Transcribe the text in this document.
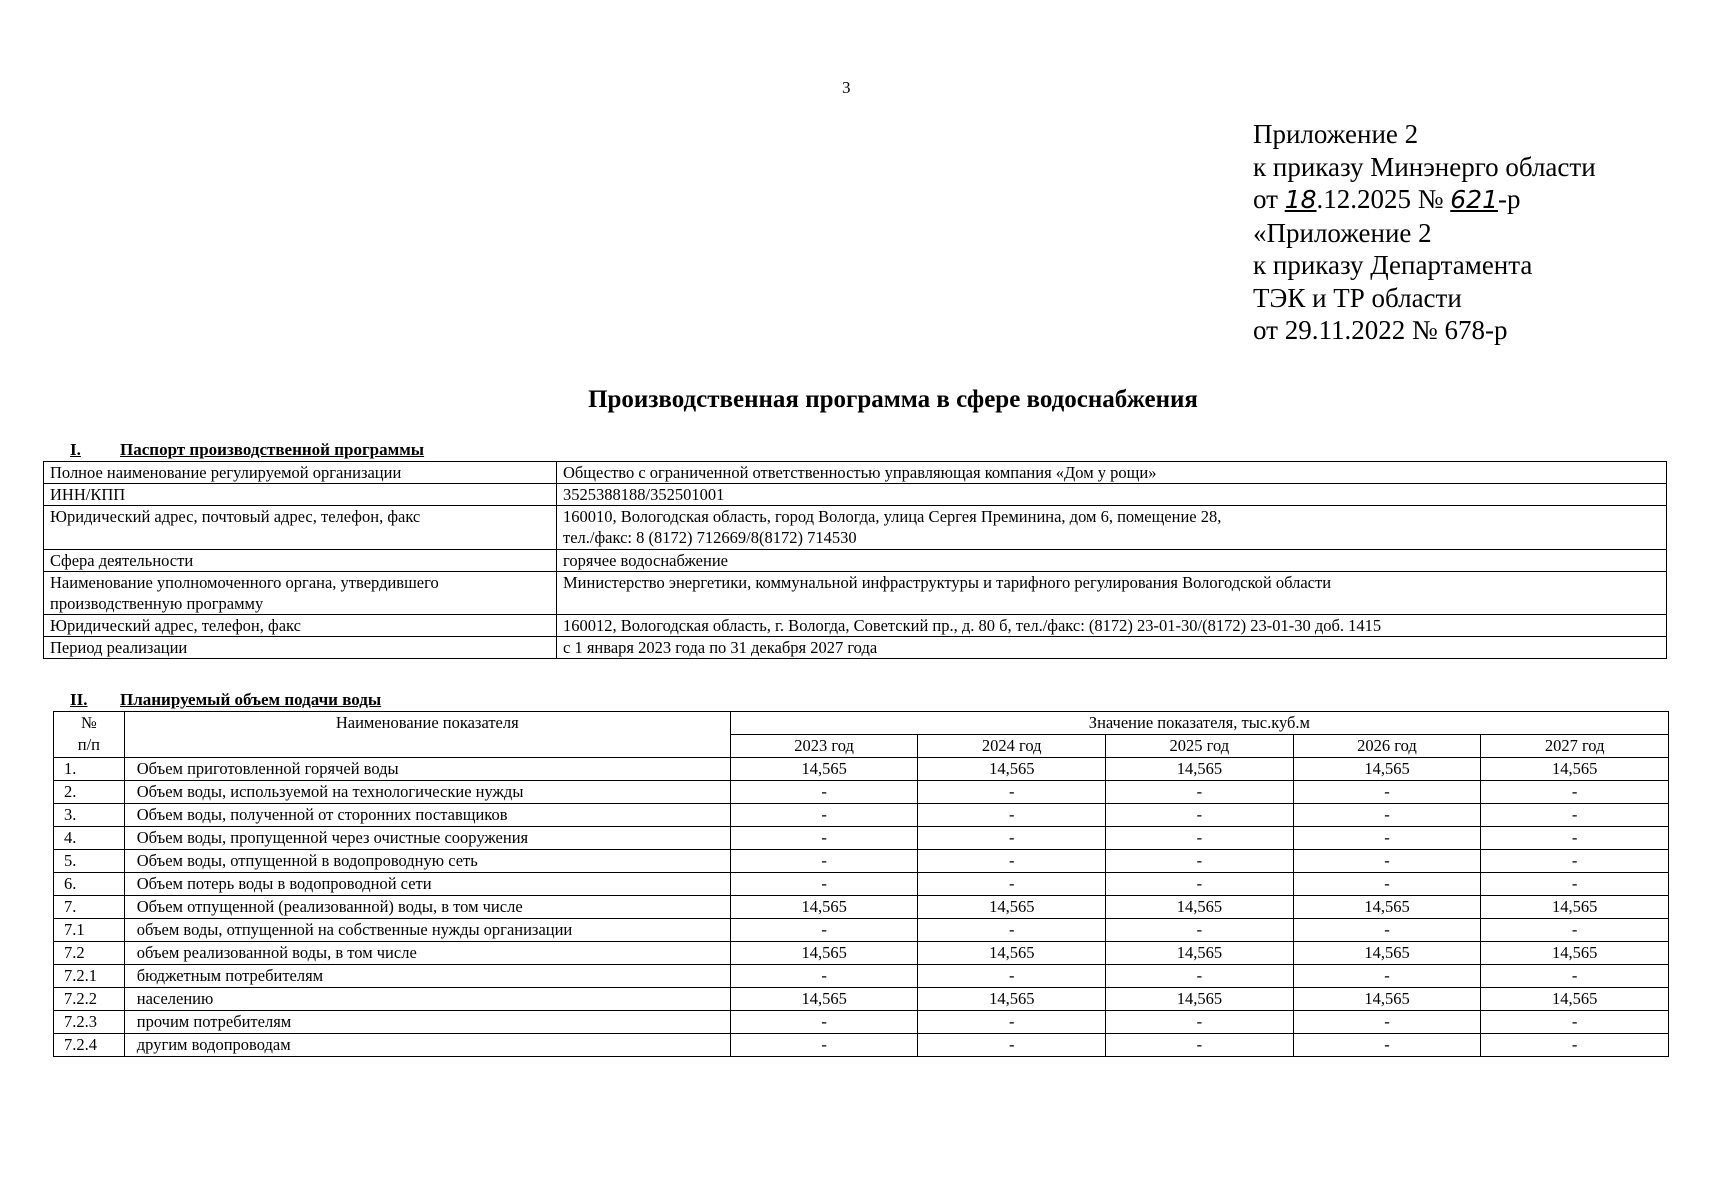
3
Приложение 2
к приказу Минэнерго области
от 18.12.2025 № 621-р
«Приложение 2
к приказу Департамента
ТЭК и ТР области
от 29.11.2022 № 678-р
Производственная программа в сфере водоснабжения
I. Паспорт производственной программы
Полное наименование регулируемой организации	Общество с ограниченной ответственностью управляющая компания «Дом у рощи»
ИНН/КПП	3525388188/352501001
Юридический адрес, почтовый адрес, телефон, факс	160010, Вологодская область, город Вологда, улица Сергея Преминина, дом 6, помещение 28,
тел./факс: 8 (8172) 712669/8(8172) 714530

Сфера деятельности	горячее водоснабжение

Наименование уполномоченного органа, утвердившего
производственную программу	Министерство энергетики, коммунальной инфраструктуры и тарифного регулирования Вологодской области
Юридический адрес, телефон, факс	160012, Вологодская область, г. Вологда, Советский пр., д. 80 б, тел./факс: (8172) 23-01-30/(8172) 23-01-30 доб. 1415
Период реализации	с 1 января 2023 года по 31 декабря 2027 года
II. Планируемый объем подачи воды
№
п/п	Наименование показателя	Значение показателя, тыс.куб.м				
		2023 год	2024 год	2025 год	2026 год	2027 год
1.	Объем приготовленной горячей воды	14,565	14,565	14,565	14,565	14,565
2.	Объем воды, используемой на технологические нужды	-	-	-	-	-
3.	Объем воды, полученной от сторонних поставщиков	-	-	-	-	-
4.	Объем воды, пропущенной через очистные сооружения	-	-	-	-	-
5.	Объем воды, отпущенной в водопроводную сеть	-	-	-	-	-
6.	Объем потерь воды в водопроводной сети	-	-	-	-	-
7.	Объем отпущенной (реализованной) воды, в том числе	14,565	14,565	14,565	14,565	14,565
7.1	объем воды, отпущенной на собственные нужды организации	-	-	-	-	-
7.2	объем реализованной воды, в том числе	14,565	14,565	14,565	14,565	14,565
7.2.1	бюджетным потребителям	-	-	-	-	-
7.2.2	населению	14,565	14,565	14,565	14,565	14,565
7.2.3	прочим потребителям	-	-	-	-	-
7.2.4	другим водопроводам	-	-	-	-	-
